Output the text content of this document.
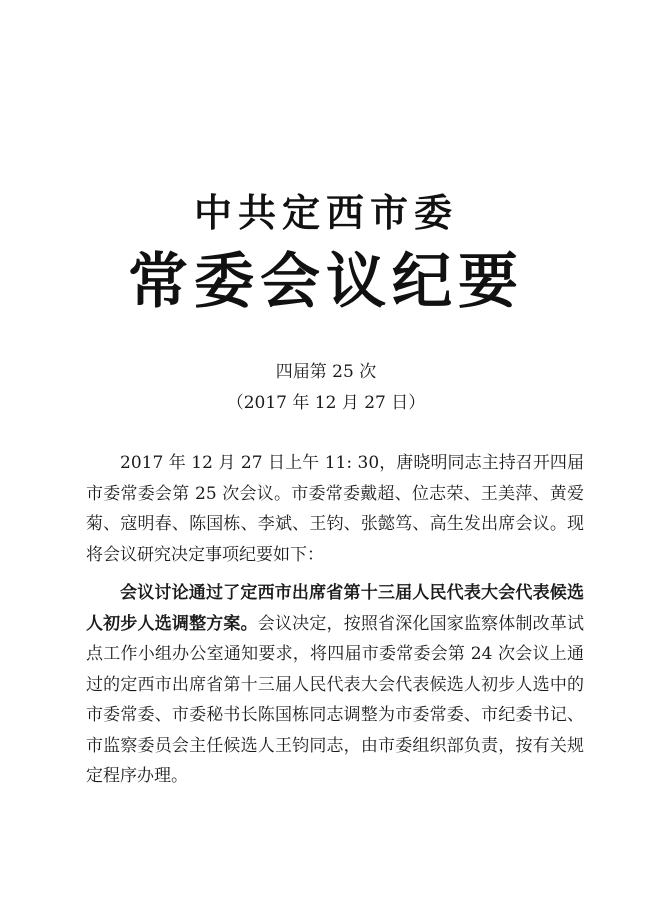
中共定西市委
常委会议纪要
四届第 25 次
（2017 年 12 月 27 日）
2017 年 12 月 27 日上午 11: 30，唐晓明同志主持召开四届市委常委会第 25 次会议。市委常委戴超、位志荣、王美萍、黄爱菊、寇明春、陈国栋、李斌、王钧、张懿笃、高生发出席会议。现将会议研究决定事项纪要如下：
会议讨论通过了定西市出席省第十三届人民代表大会代表候选人初步人选调整方案。会议决定，按照省深化国家监察体制改革试点工作小组办公室通知要求，将四届市委常委会第 24 次会议上通过的定西市出席省第十三届人民代表大会代表候选人初步人选中的市委常委、市委秘书长陈国栋同志调整为市委常委、市纪委书记、市监察委员会主任候选人王钧同志，由市委组织部负责，按有关规定程序办理。
